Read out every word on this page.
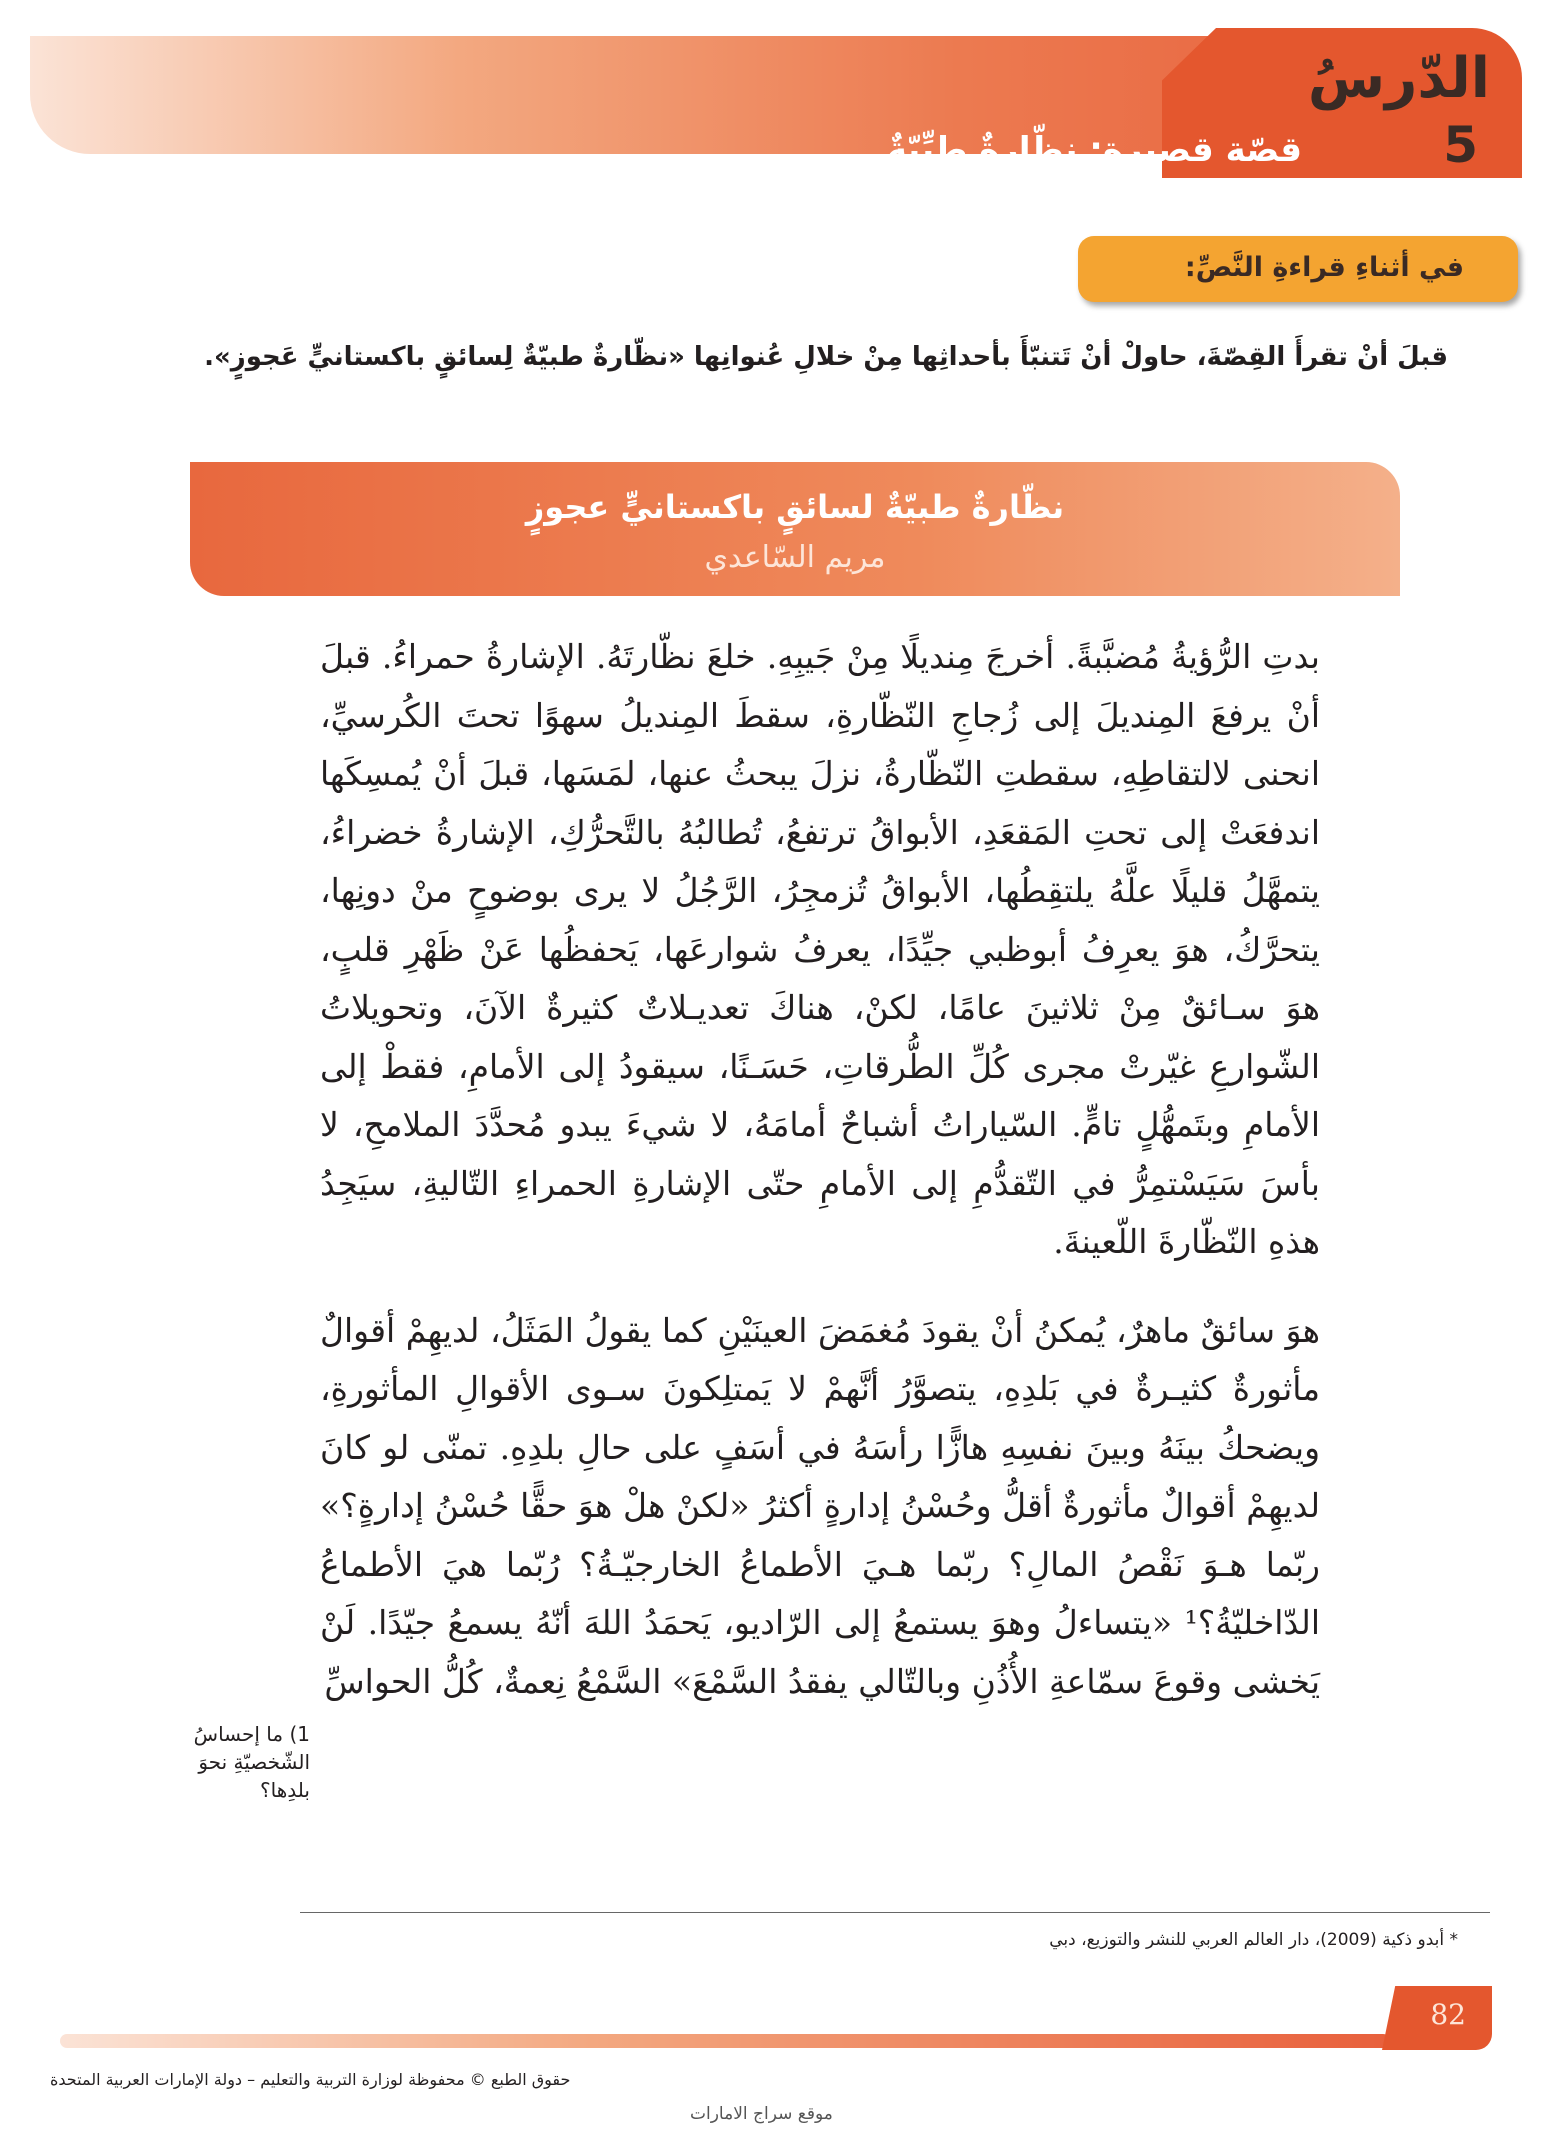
الدّرسُ
5
قصّة قصيرة: نظّارةٌ طِبِّيّةٌ
في أثناءِ قراءةِ النَّصِّ:
قبلَ أنْ تقرأَ القِصّةَ، حاولْ أنْ تَتنبّأَ بأحداثِها مِنْ خلالِ عُنوانِها «نظّارةٌ طبيّةٌ لِسائقٍ باكستانيٍّ عَجوزٍ».
نظّارةٌ طبيّةٌ لسائقٍ باكستانيٍّ عجوزٍ
مريم السّاعدي

بدتِ الرُّؤيةُ مُضبَّبةً. أخرجَ مِنديلًا مِنْ جَيبِهِ. خلعَ نظّارتَهُ. الإشارةُ حمراءُ. قبلَ أنْ يرفعَ المِنديلَ إلى زُجاجِ النّظّارةِ، سقطَ المِنديلُ سهوًا تحتَ الكُرسيِّ، انحنى لالتقاطِهِ، سقطتِ النّظّارةُ، نزلَ يبحثُ عنها، لمَسَها، قبلَ أنْ يُمسِكَها اندفعَتْ إلى تحتِ المَقعَدِ، الأبواقُ ترتفعُ، تُطالبُهُ بالتَّحرُّكِ، الإشارةُ خضراءُ، يتمهَّلُ قليلًا علَّهُ يلتقِطُها، الأبواقُ تُزمجِرُ، الرَّجُلُ لا يرى بوضوحٍ منْ دونِها، يتحرَّكُ، هوَ يعرِفُ أبوظبي جيِّدًا، يعرفُ شوارعَها، يَحفظُها عَنْ ظَهْرِ قلبٍ، هوَ سـائقٌ مِنْ ثلاثينَ عامًا، لكنْ، هناكَ تعديـلاتٌ كثيرةٌ الآنَ، وتحويلاتُ الشّوارعِ غيّرتْ مجرى كُلِّ الطُّرقاتِ، حَسَـنًا، سيقودُ إلى الأمامِ، فقطْ إلى الأمامِ وبتَمهُّلٍ تامٍّ. السّياراتُ أشباحٌ أمامَهُ، لا شيءَ يبدو مُحدَّدَ الملامحِ، لا بأسَ سَيَسْتمِرُّ في التّقدُّمِ إلى الأمامِ حتّى الإشارةِ الحمراءِ التّاليةِ، سيَجِدُ هذهِ النّظّارةَ اللّعينةَ.

هوَ سائقٌ ماهرٌ، يُمكنُ أنْ يقودَ مُغمَضَ العينَيْنِ كما يقولُ المَثَلُ، لديهِمْ أقوالٌ مأثورةٌ كثيـرةٌ في بَلدِهِ، يتصوَّرُ أنَّهمْ لا يَمتلِكونَ سـوى الأقوالِ المأثورةِ، ويضحكُ بينَهُ وبينَ نفسِهِ هازًّا رأسَهُ في أسَفٍ على حالِ بلدِهِ. تمنّى لو كانَ لديهِمْ أقوالٌ مأثورةٌ أقلُّ وحُسْنُ إدارةٍ أكثرُ «لكنْ هلْ هوَ حقًّا حُسْنُ إدارةٍ؟» ربّما هـوَ نَقْصُ المالِ؟ ربّما هـيَ الأطماعُ الخارجيّـةُ؟ رُبّما هيَ الأطماعُ الدّاخليّةُ؟¹ «يتساءلُ وهوَ يستمعُ إلى الرّاديو، يَحمَدُ اللهَ أنّهُ يسمعُ جيّدًا. لَنْ يَخشى وقوعَ سمّاعةِ الأُذُنِ وبالتّالي يفقدُ السَّمْعَ» السَّمْعُ نِعمةٌ، كُلُّ الحواسِّ

1) ما إحساسُ الشّخصيّةِ نحوَ بلدِها؟
* أبدو ذكية (2009)، دار العالم العربي للنشر والتوزيع، دبي
82
حقوق الطبع © محفوظة لوزارة التربية والتعليم – دولة الإمارات العربية المتحدة
موقع سراج الامارات
